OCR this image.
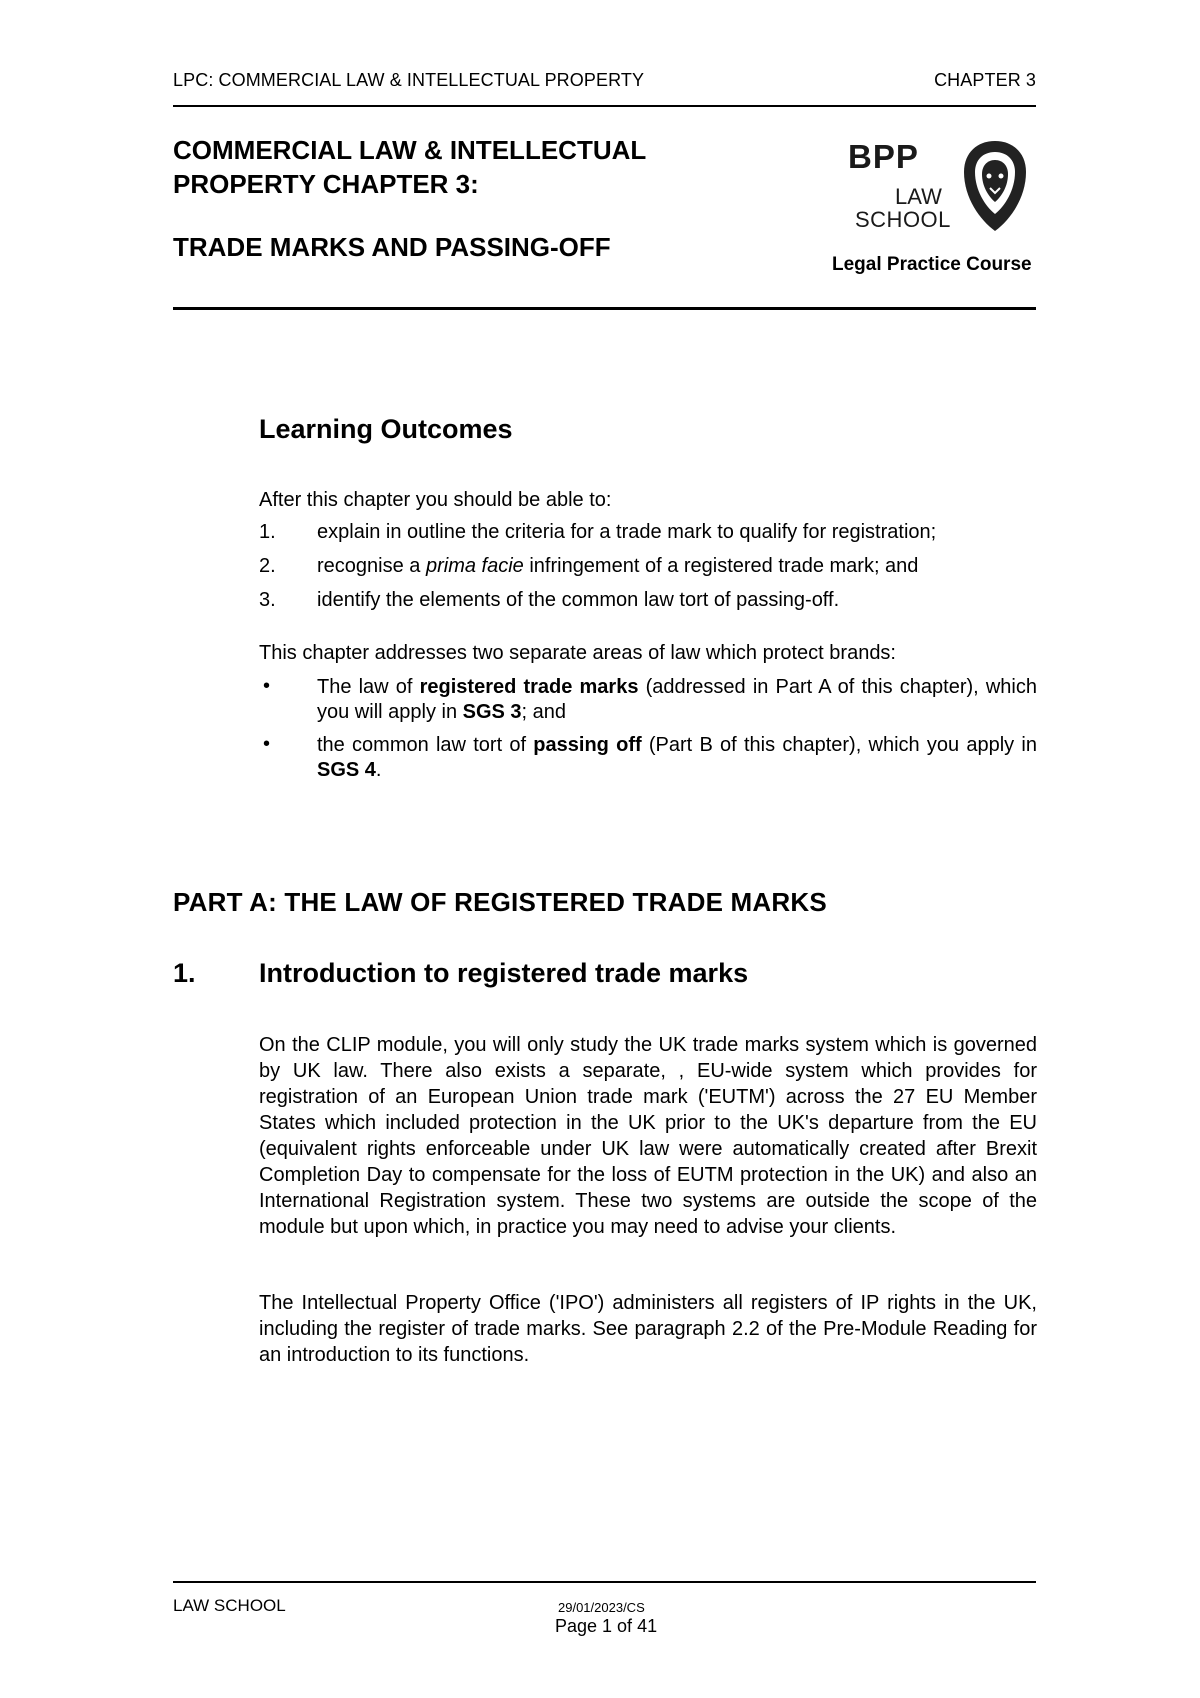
LPC: COMMERCIAL LAW & INTELLECTUAL PROPERTY	CHAPTER 3
COMMERCIAL LAW & INTELLECTUAL
PROPERTY CHAPTER 3:
TRADE MARKS AND PASSING-OFF
BPP
LAW
SCHOOL
Legal Practice Course
Learning Outcomes
After this chapter you should be able to:
1. explain in outline the criteria for a trade mark to qualify for registration;
2. recognise a prima facie infringement of a registered trade mark; and
3. identify the elements of the common law tort of passing-off.
This chapter addresses two separate areas of law which protect brands:
• The law of registered trade marks (addressed in Part A of this chapter), which you will apply in SGS 3; and
• the common law tort of passing off (Part B of this chapter), which you apply in SGS 4.
PART A: THE LAW OF REGISTERED TRADE MARKS
1. Introduction to registered trade marks
On the CLIP module, you will only study the UK trade marks system which is governed by UK law. There also exists a separate, , EU-wide system which provides for registration of an European Union trade mark ('EUTM') across the 27 EU Member States which included protection in the UK prior to the UK's departure from the EU (equivalent rights enforceable under UK law were automatically created after Brexit Completion Day to compensate for the loss of EUTM protection in the UK) and also an International Registration system. These two systems are outside the scope of the module but upon which, in practice you may need to advise your clients.
The Intellectual Property Office ('IPO') administers all registers of IP rights in the UK, including the register of trade marks. See paragraph 2.2 of the Pre-Module Reading for an introduction to its functions.
LAW SCHOOL	29/01/2023/CS
Page 1 of 41
